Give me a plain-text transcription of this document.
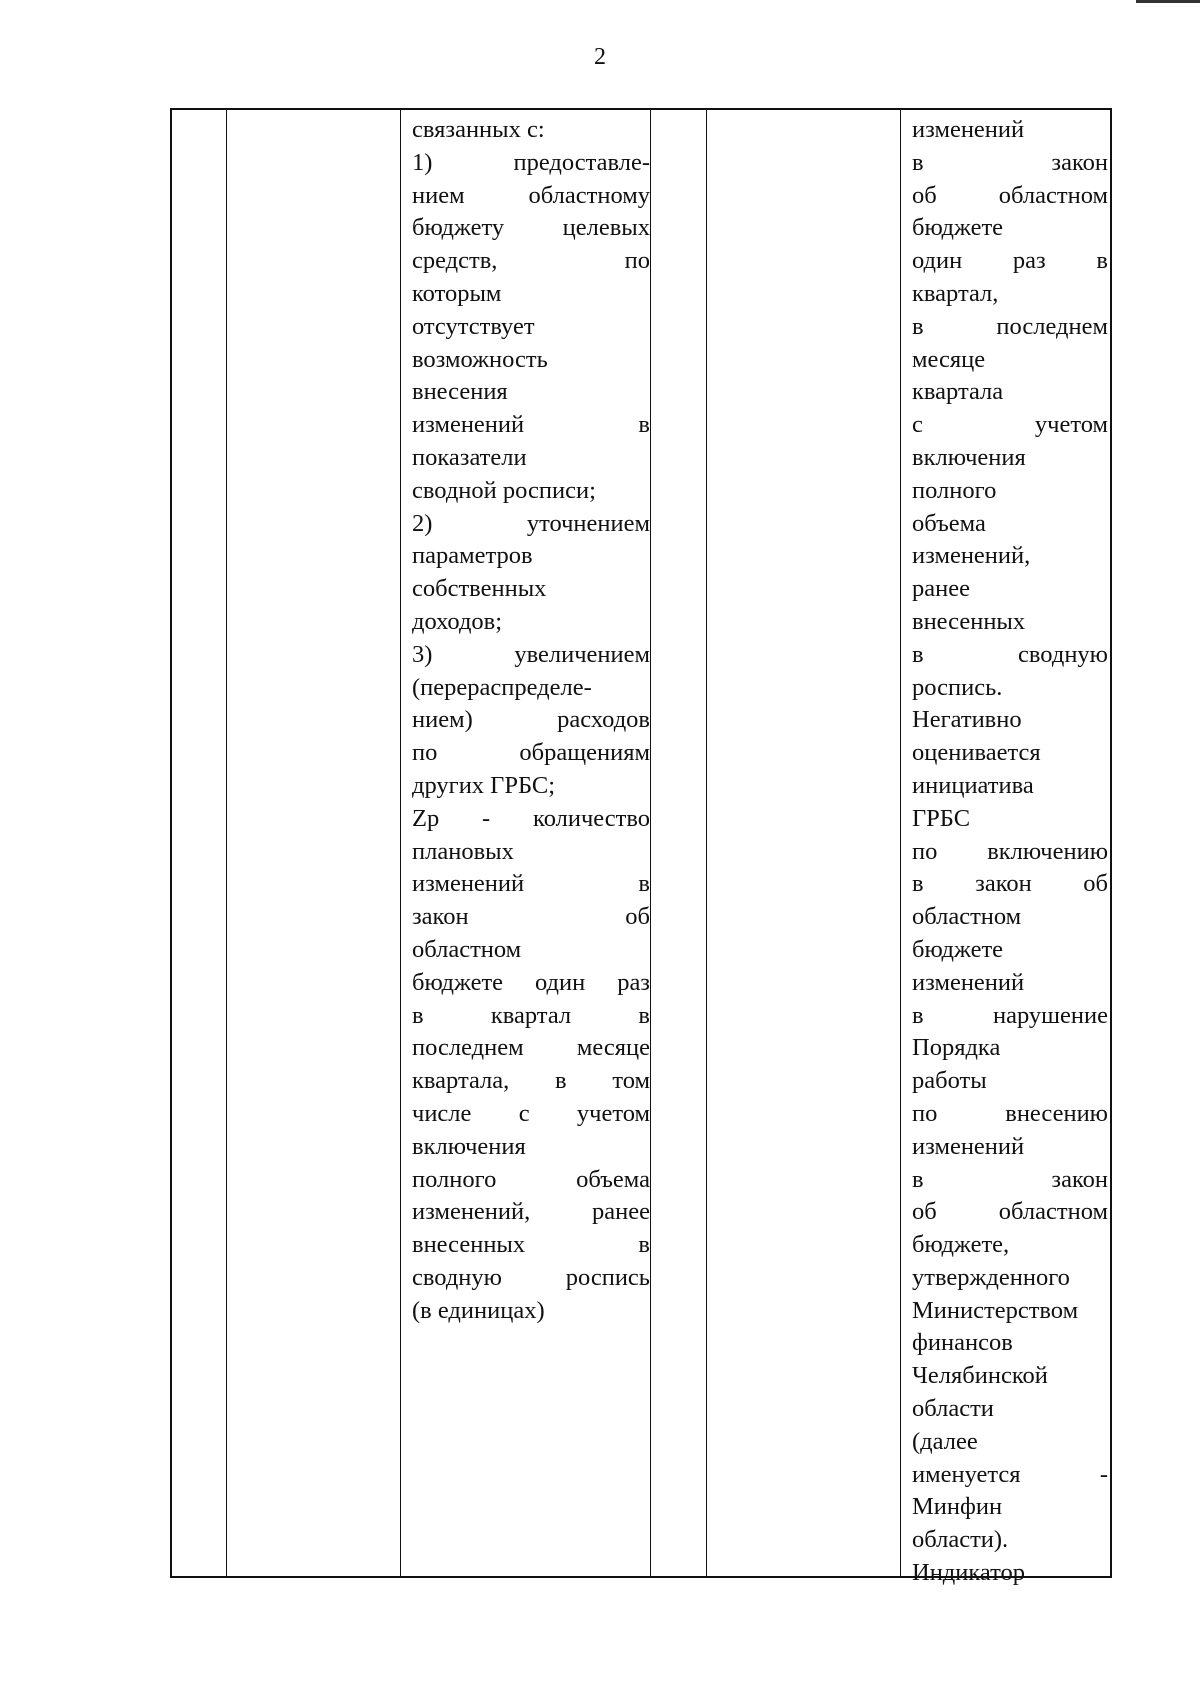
2
связанных с:
1) предоставле-
нием областному
бюджету целевых
средств, по
которым
отсутствует
возможность
внесения
изменений в
показатели
сводной росписи;
2) уточнением
параметров
собственных
доходов;
3) увеличением
(перераспределе-
нием) расходов
по обращениям
других ГРБС;
Zр - количество
плановых
изменений в
закон об
областном
бюджете один раз
в квартал в
последнем месяце
квартала, в том
числе с учетом
включения
полного объема
изменений, ранее
внесенных в
сводную роспись
(в единицах)
изменений
в закон
об областном
бюджете
один раз в
квартал,
в последнем
месяце
квартала
с учетом
включения
полного
объема
изменений,
ранее
внесенных
в сводную
роспись.
Негативно
оценивается
инициатива
ГРБС
по включению
в закон об
областном
бюджете
изменений
в нарушение
Порядка
работы
по внесению
изменений
в закон
об областном
бюджете,
утвержденного
Министерством
финансов
Челябинской
области
(далее
именуется -
Минфин
области).
Индикатор
